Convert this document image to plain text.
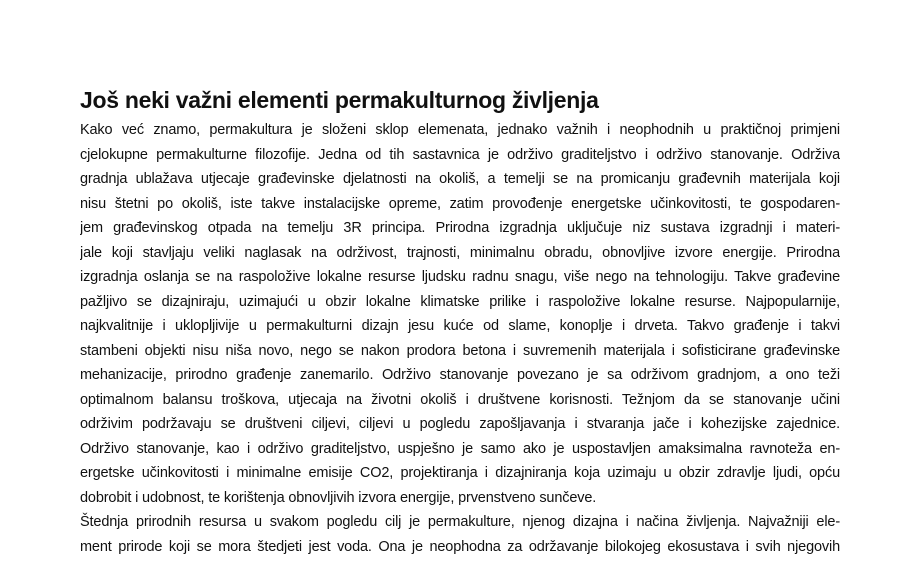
Još neki važni elementi permakulturnog življenja
Kako već znamo, permakultura je složeni sklop elemenata, jednako važnih i neophodnih u praktičnoj primjeni
cjelokupne permakulturne filozofije. Jedna od tih sastavnica je održivo graditeljstvo i održivo stanovanje. Održiva
gradnja ublažava utjecaje građevinske djelatnosti na okoliš, a temelji se na promicanju građevnih materijala koji
nisu štetni po okoliš, iste takve instalacijske opreme, zatim provođenje energetske učinkovitosti, te gospodaren-
jem građevinskog otpada na temelju 3R principa. Prirodna izgradnja uključuje niz sustava izgradnji i materi-
jale koji stavljaju veliki naglasak na održivost, trajnosti, minimalnu obradu, obnovljive izvore energije. Prirodna
izgradnja oslanja se na raspoložive lokalne resurse ljudsku radnu snagu, više nego na tehnologiju. Takve građevine
pažljivo se dizajniraju, uzimajući u obzir lokalne klimatske prilike i raspoložive lokalne resurse. Najpopularnije,
najkvalitnije i uklopljivije u permakulturni dizajn jesu kuće od slame, konoplje i drveta. Takvo građenje i takvi
stambeni objekti nisu niša novo, nego se nakon prodora betona i suvremenih materijala i sofisticirane građevinske
mehanizacije, prirodno građenje zanemarilo. Održivo stanovanje povezano je sa održivom gradnjom, a ono teži
optimalnom balansu troškova, utjecaja na životni okoliš i društvene korisnosti. Težnjom da se stanovanje učini
održivim podržavaju se društveni ciljevi, ciljevi u pogledu zapošljavanja i stvaranja jače i kohezijske zajednice.
Održivo stanovanje, kao i održivo graditeljstvo, uspješno je samo ako je uspostavljen amaksimalna ravnoteža en-
ergetske učinkovitosti i minimalne emisije CO2, projektiranja i dizajniranja koja uzimaju u obzir zdravlje ljudi, opću
dobrobit i udobnost, te korištenja obnovljivih izvora energije, prvenstveno sunčeve.
Štednja prirodnih resursa u svakom pogledu cilj je permakulture, njenog dizajna i načina življenja. Najvažniji ele-
ment prirode koji se mora štedjeti jest voda. Ona je neophodna za održavanje bilokojeg ekosustava i svih njegovih
